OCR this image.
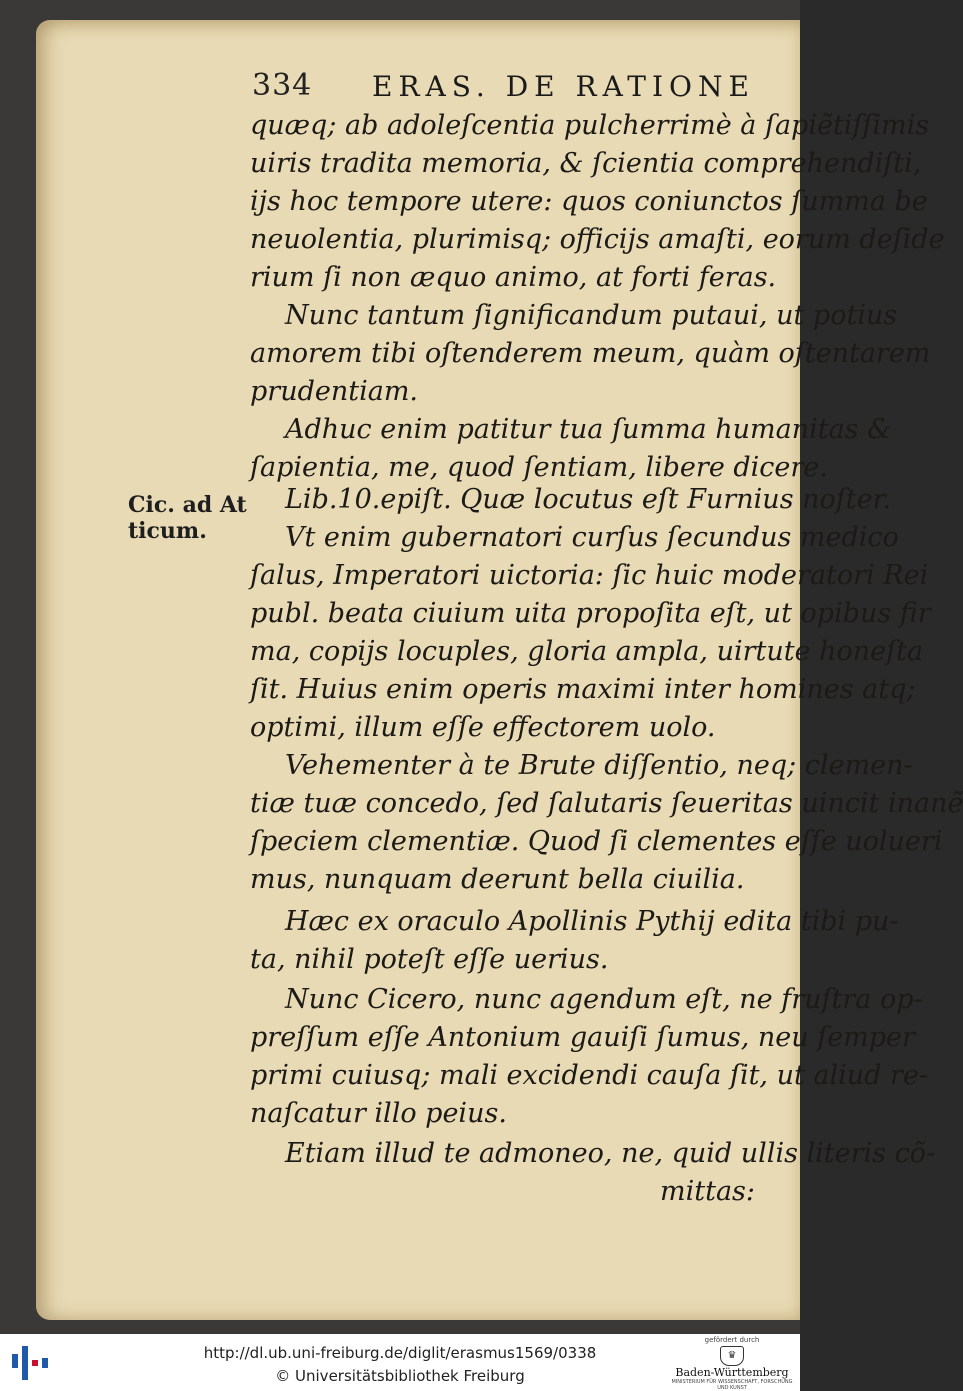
334 ERAS. DE RATIONE
quæq; ab adoleſcentia pulcherrimè à ſapiẽtiſſimis
uiris tradita memoria, & ſcientia comprehendiſti,
ijs hoc tempore utere: quos coniunctos ſumma be
neuolentia, plurimisq; officijs amaſti, eorum deſide
rium ſi non æquo animo, at forti feras.
Nunc tantum ſignificandum putaui, ut potius
amorem tibi oſtenderem meum, quàm oſtentarem
prudentiam.
Adhuc enim patitur tua ſumma humanitas &
ſapientia, me, quod ſentiam, libere dicere.
Lib.10.epiſt. Quæ locutus eſt Furnius noſter.
Vt enim gubernatori curſus ſecundus medico
ſalus, Imperatori uictoria: ſic huic moderatori Rei
publ. beata ciuium uita propoſita eſt, ut opibus fir
ma, copijs locuples, gloria ampla, uirtute honeſta
ſit. Huius enim operis maximi inter homines atq;
optimi, illum eſſe effectorem uolo.
Vehementer à te Brute diſſentio, neq; clemen-
tiæ tuæ concedo, ſed ſalutaris ſeueritas uincit inanẽ
ſpeciem clementiæ. Quod ſi clementes eſſe uolueri
mus, nunquam deerunt bella ciuilia.
Hæc ex oraculo Apollinis Pythij edita tibi pu-
ta, nihil poteſt eſſe uerius.
Nunc Cicero, nunc agendum eſt, ne fruſtra op-
preſſum eſſe Antonium gauiſi ſumus, neu ſemper
primi cuiusq; mali excidendi cauſa ſit, ut aliud re-
naſcatur illo peius.
Etiam illud te admoneo, ne, quid ullis literis cõ-
mittas:
Cic. ad At
ticum.
http://dl.ub.uni-freiburg.de/diglit/erasmus1569/0338
© Universitätsbibliothek Freiburg
gefördert durch
♛
Baden-Württemberg
MINISTERIUM FÜR WISSENSCHAFT, FORSCHUNG UND KUNST
